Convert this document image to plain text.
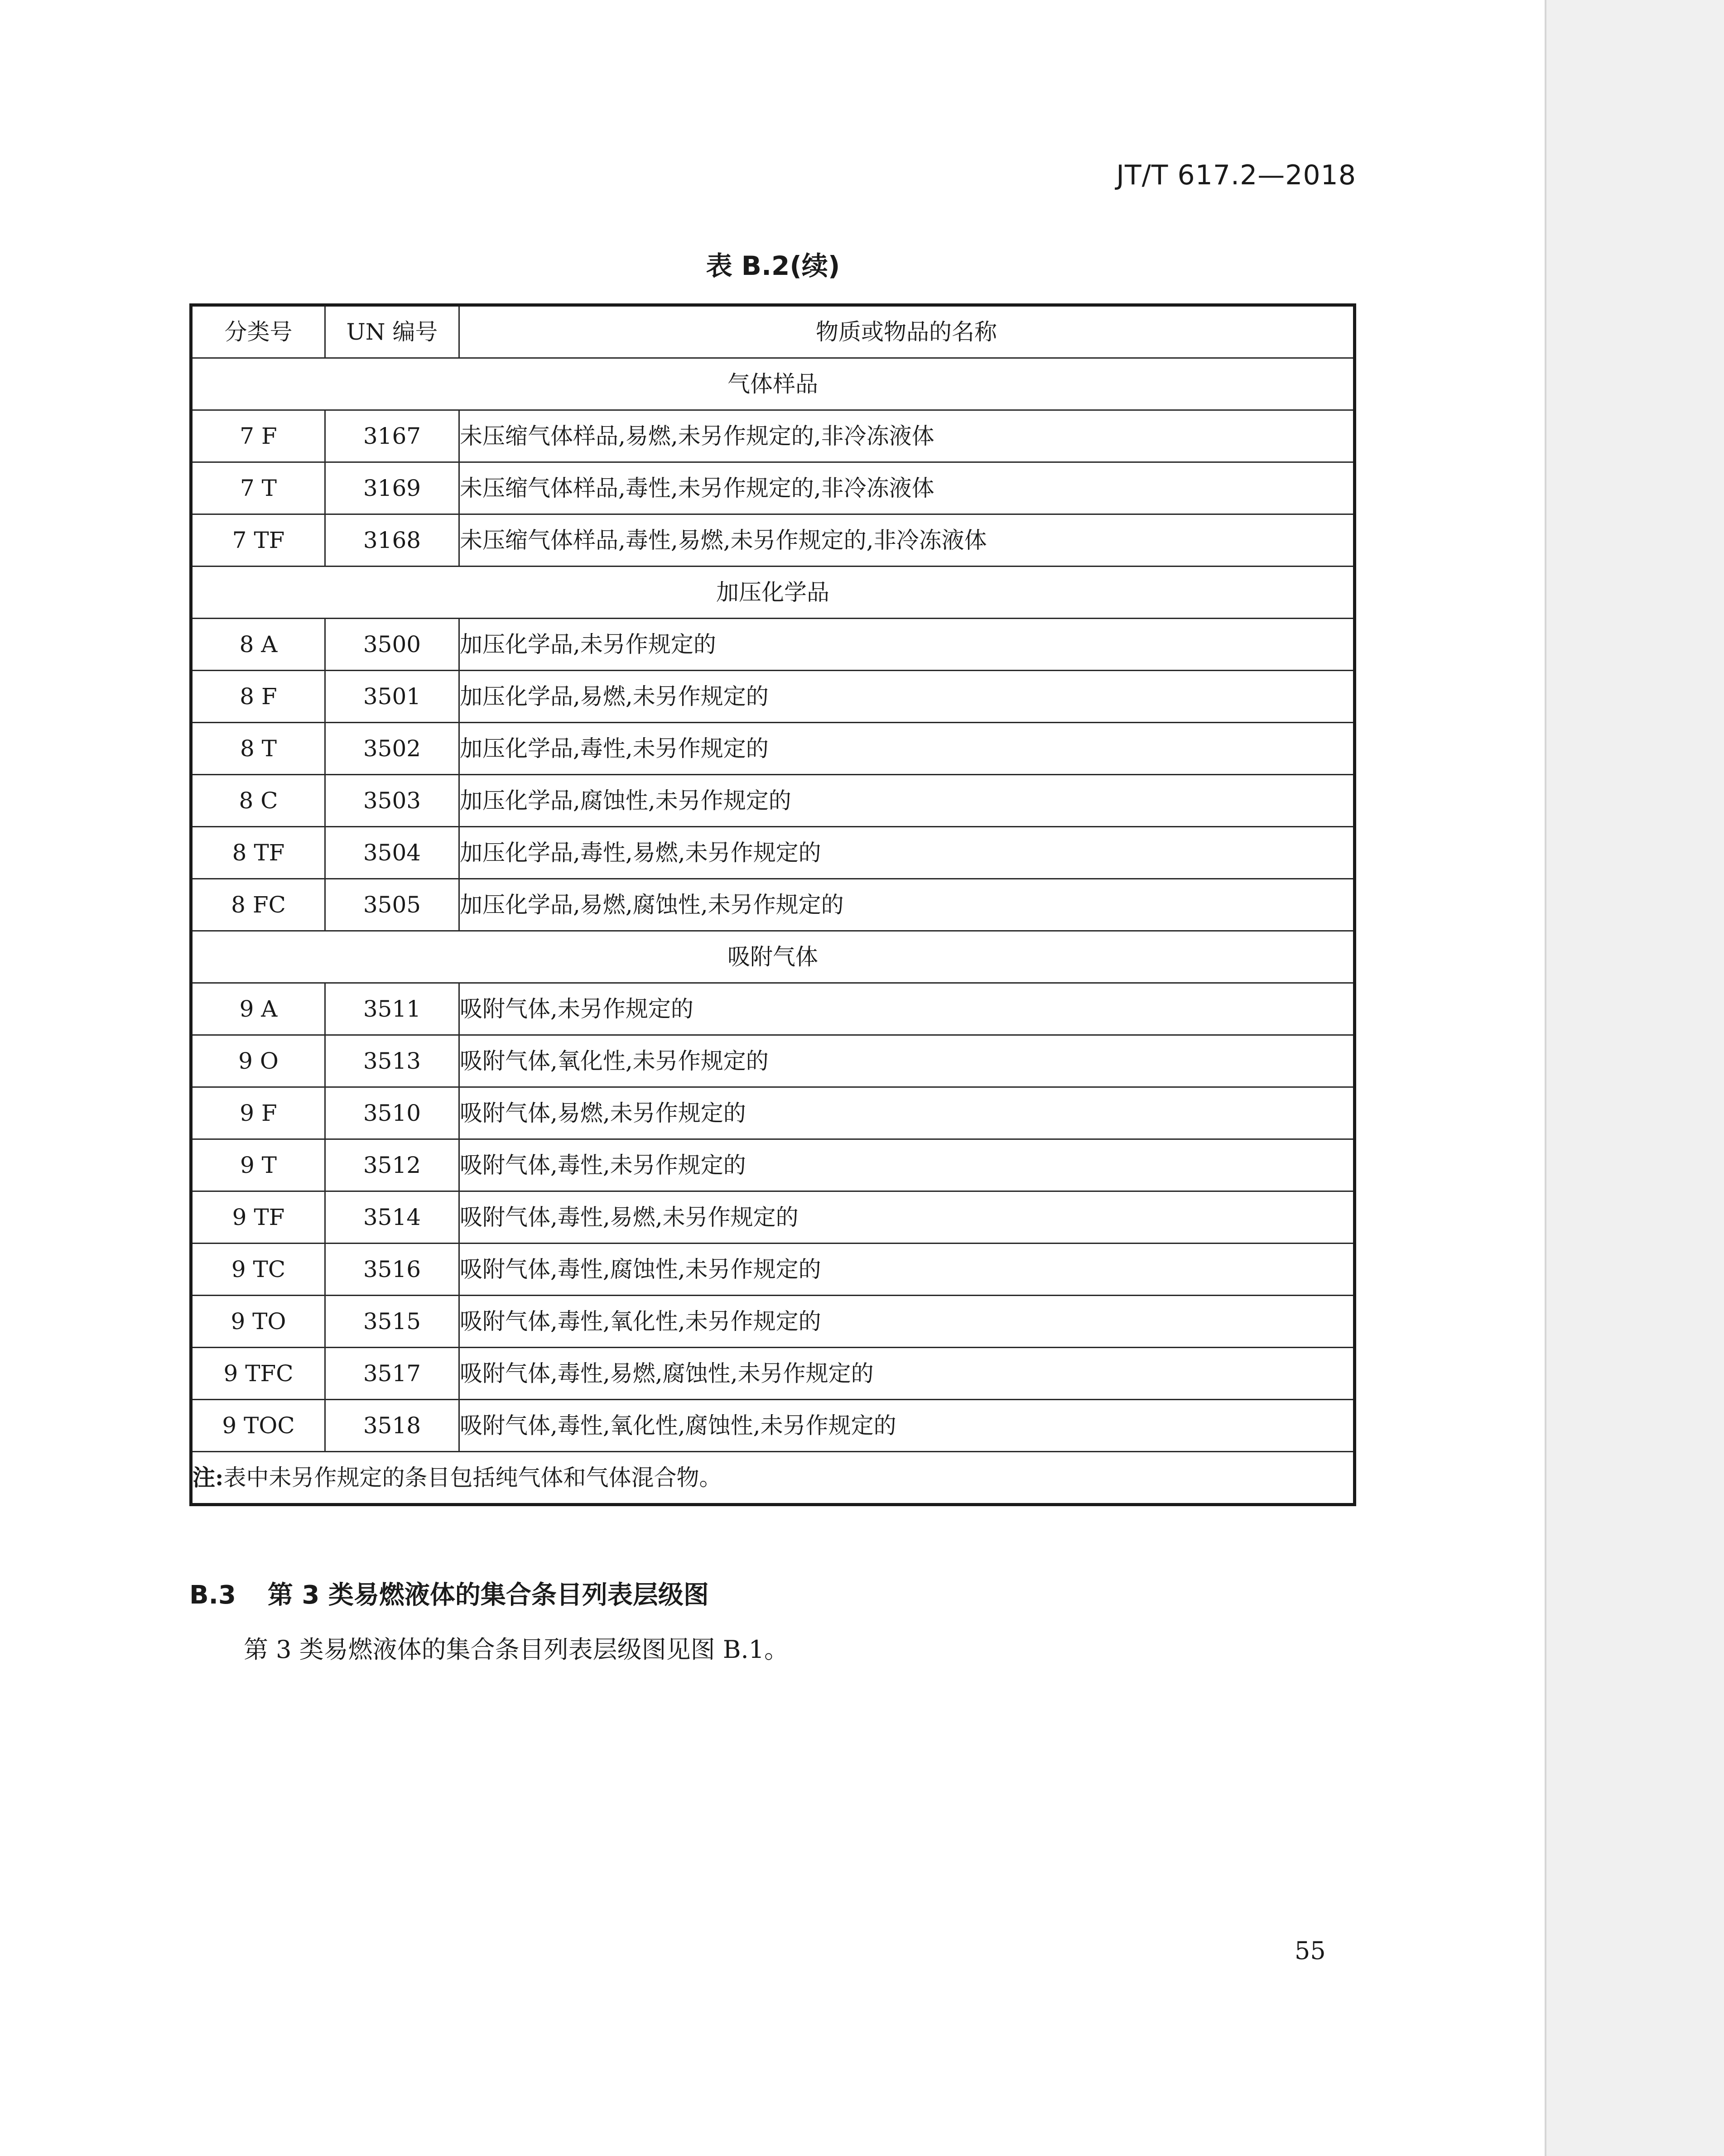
JT/T 617.2—2018
表 B.2(续)
分类号	UN 编号	物质或物品的名称
气体样品		
7 F	3167	未压缩气体样品,易燃,未另作规定的,非冷冻液体
7 T	3169	未压缩气体样品,毒性,未另作规定的,非冷冻液体
7 TF	3168	未压缩气体样品,毒性,易燃,未另作规定的,非冷冻液体
加压化学品		
8 A	3500	加压化学品,未另作规定的
8 F	3501	加压化学品,易燃,未另作规定的
8 T	3502	加压化学品,毒性,未另作规定的
8 C	3503	加压化学品,腐蚀性,未另作规定的
8 TF	3504	加压化学品,毒性,易燃,未另作规定的
8 FC	3505	加压化学品,易燃,腐蚀性,未另作规定的
吸附气体		
9 A	3511	吸附气体,未另作规定的
9 O	3513	吸附气体,氧化性,未另作规定的
9 F	3510	吸附气体,易燃,未另作规定的
9 T	3512	吸附气体,毒性,未另作规定的
9 TF	3514	吸附气体,毒性,易燃,未另作规定的
9 TC	3516	吸附气体,毒性,腐蚀性,未另作规定的
9 TO	3515	吸附气体,毒性,氧化性,未另作规定的
9 TFC	3517	吸附气体,毒性,易燃,腐蚀性,未另作规定的
9 TOC	3518	吸附气体,毒性,氧化性,腐蚀性,未另作规定的
注:表中未另作规定的条目包括纯气体和气体混合物。		
B.3 第 3 类易燃液体的集合条目列表层级图
第 3 类易燃液体的集合条目列表层级图见图 B.1。
55
